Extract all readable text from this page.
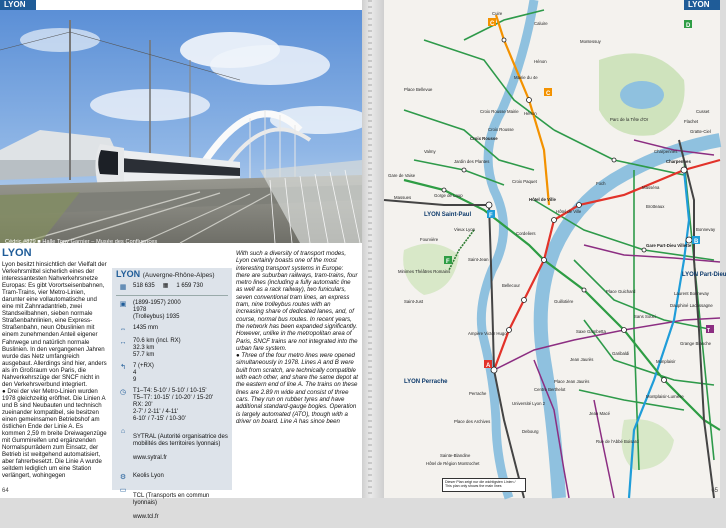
LYON
Cédric #829 ■ Halle Tony Garnier – Musée des Confluences
LYON

Lyon besitzt hinsichtlich der Vielfalt der Verkehrsmittel sicherlich eines der interessantesten Nahverkehrsnetze Europas: Es gibt Vorortseisenbahnen, Tram-Trains, vier Metro-Linien, darunter eine vollautomatische und eine mit Zahnradantrieb, zwei Standseilbahnen, sieben normale Straßenbahnlinien, eine Express-Straßenbahn, neun Obuslinien mit einem zunehmenden Anteil eigener Fahrwege und natürlich normale Buslinien. In den vergangenen Jahren wurde das Netz umfangreich ausgebaut. Allerdings sind hier, anders als im Großraum von Paris, die Nahverkehrszüge der SNCF nicht in den Verkehrsverbund integriert.

● Drei der vier Metro-Linien wurden 1978 gleichzeitig eröffnet. Die Linien A und B sind Neubauten und technisch zueinander kompatibel, sie besitzen einen gemeinsamen Betriebshof am östlichen Ende der Linie A. Es kommen 2,59 m breite Dreiwagenzüge mit Gummireifen und ergänzenden Normalspurrädern zum Einsatz, der Betrieb ist weitgehend automatisiert, aber fahrerbesetzt. Die Linie A wurde seitdem lediglich um eine Station verlängert, wohingegen

LYON (Auvergne-Rhône-Alpes)
▦	518 635 ▦ 1 659 730
▣	(1899-1957) 2000
1978
(Trolleybus) 1935
⇔	1435 mm
↔	70.6 km (incl. RX)
32.3 km
57.7 km
↰	7 (+RX)
4
9
◷	T1–T4: 5-10' / 5-10' / 10-15'
T5–T7: 10-15' / 10-20' / 15-20'
RX: 20'
2-7' / 2-11' / 4-11'
6-10' / 7-15' / 10-30'
⌂

SYTRAL (Autorité organisatrice des mobilités des territoires lyonnais)

www.sytral.fr

⚙	Keolis Lyon
▭

TCL (Transports en commun lyonnais)

www.tcl.fr

With such a diversity of transport modes, Lyon certainly boasts one of the most interesting transport systems in Europe: there are suburban railways, tram-trains, four metro lines (including a fully automatic line as well as a rack railway), two funiculars, seven conventional tram lines, an express tram, nine trolleybus routes with an increasing share of dedicated lanes, and, of course, normal bus routes. In recent years, the network has been expanded significantly. However, unlike in the metropolitan area of Paris, SNCF trains are not integrated into the urban fare system.

● Three of the four metro lines were opened simultaneously in 1978. Lines A and B were built from scratch, are technically compatible with each other, and share the same depot at the eastern end of line A. The trains on these lines are 2.89 m wide and consist of three cars. They run on rubber tyres and have additional standard-gauge bogies. Operation is largely automated (ATO), though with a driver on board. Line A has since been

64
C	D
F
F
C
A
B
T
LYON Saint-Paul
LYON Perrache
LYON Part-Dieu
Gare Part-Dieu Villette
Charpennes
Croix Rousse
Hôtel de Ville
Cuire
Croix Rousse
Hénon
Hôtel de Ville
Cordeliers
Bellecour
Ampère Victor Hugo
Vieux Lyon
Fourvière
Saint-Just
Minimes Théâtres Romains
Guillotière
Saxe Gambetta
Garibaldi
Jean Macé
Place Jean Jaurès
Debourg
Perrache
Place des Archives
Sainte-Blandine
Hôtel de Région Montrochet
Brotteaux
Masséna
Foch
Saint-Jean
Place Guichard
Jean Jaurès
Gare de Vaise
Valmy
Gorge de Loup
Massues
Charpennes
Gratte-Ciel
Cusset
Bonnevay
Laurent Bonnevay
Flachet
Monplaisir
Grange Blanche
Montplaisir-Lumière
Sans Souci
Dauphiné Lacassagne
Rue de l'Abbé Boisard
Université Lyon 2
Centre Berthelot
Jardin des Plantes
Croix Paquet
Caluire
Montessuy
Hénon
Place Bellevue
Mairie du 4e
Croix Rousse Mairie
Parc de la Tête d'Or
Dieser Plan zeigt nur die wichtigsten Linien / This plan only shows the main lines
LYON
65
